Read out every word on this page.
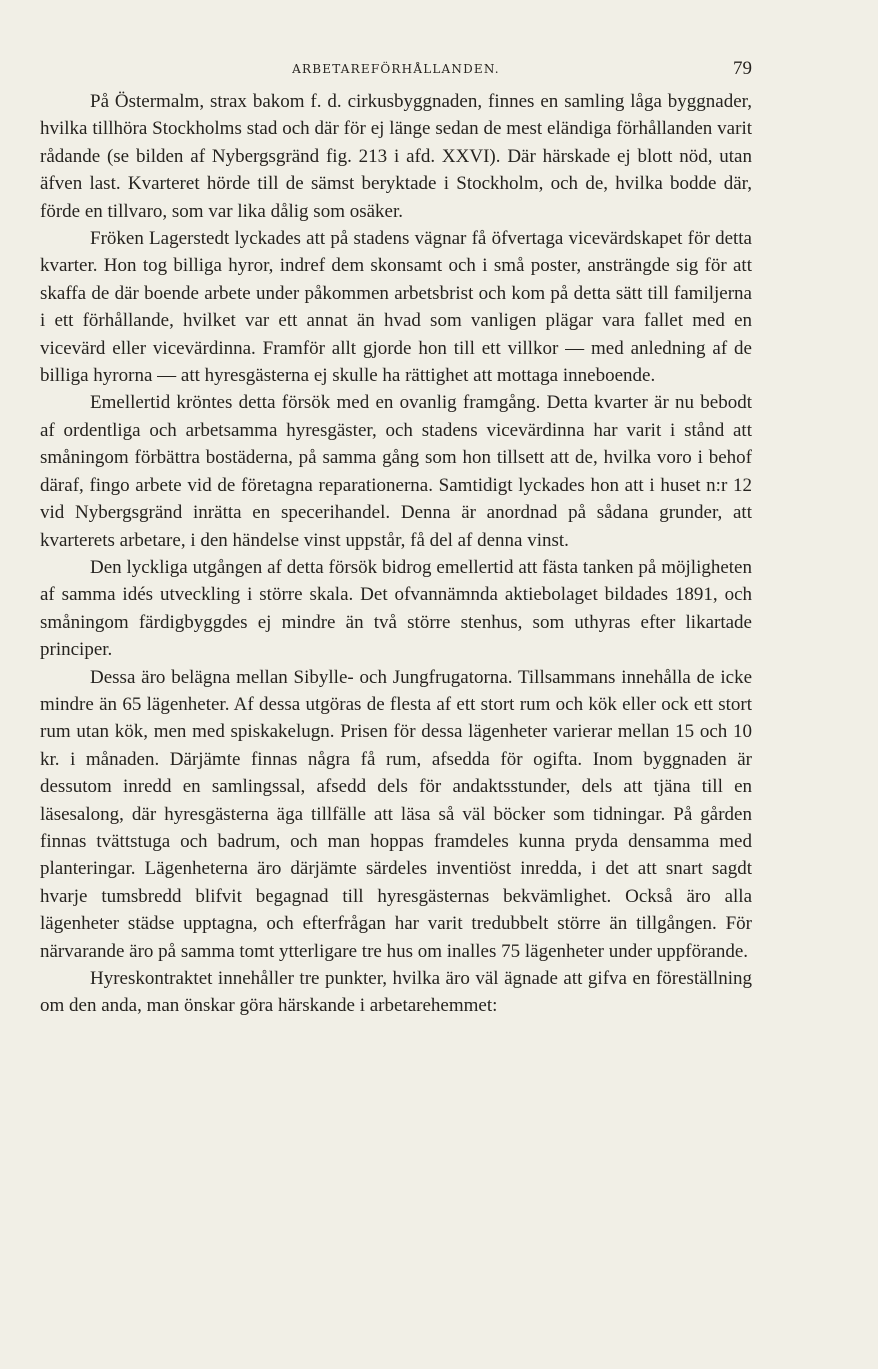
ARBETAREFÖRHÅLLANDEN.	79

På Östermalm, strax bakom f. d. cirkusbyggnaden, finnes en samling låga byggnader, hvilka tillhöra Stockholms stad och där för ej länge sedan de mest eländiga förhållanden varit rådande (se bilden af Nybergsgränd fig. 213 i afd. XXVI). Där härskade ej blott nöd, utan äfven last. Kvarteret hörde till de sämst beryktade i Stockholm, och de, hvilka bodde där, förde en tillvaro, som var lika dålig som osäker.

Fröken Lagerstedt lyckades att på stadens vägnar få öfvertaga vicevärdskapet för detta kvarter. Hon tog billiga hyror, indref dem skonsamt och i små poster, ansträngde sig för att skaffa de där boende arbete under påkommen arbetsbrist och kom på detta sätt till familjerna i ett förhållande, hvilket var ett annat än hvad som vanligen plägar vara fallet med en vicevärd eller vicevärdinna. Framför allt gjorde hon till ett villkor — med anledning af de billiga hyrorna — att hyresgästerna ej skulle ha rättighet att mottaga inneboende.

Emellertid kröntes detta försök med en ovanlig framgång. Detta kvarter är nu bebodt af ordentliga och arbetsamma hyresgäster, och stadens vicevärdinna har varit i stånd att småningom förbättra bostäderna, på samma gång som hon tillsett att de, hvilka voro i behof däraf, fingo arbete vid de företagna reparationerna. Samtidigt lyckades hon att i huset n:r 12 vid Nybergsgränd inrätta en specerihandel. Denna är anordnad på sådana grunder, att kvarterets arbetare, i den händelse vinst uppstår, få del af denna vinst.

Den lyckliga utgången af detta försök bidrog emellertid att fästa tanken på möjligheten af samma idés utveckling i större skala. Det ofvannämnda aktiebolaget bildades 1891, och småningom färdigbyggdes ej mindre än två större stenhus, som uthyras efter likartade principer.

Dessa äro belägna mellan Sibylle- och Jungfrugatorna. Tillsammans innehålla de icke mindre än 65 lägenheter. Af dessa utgöras de flesta af ett stort rum och kök eller ock ett stort rum utan kök, men med spiskakelugn. Prisen för dessa lägenheter varierar mellan 15 och 10 kr. i månaden. Därjämte finnas några få rum, afsedda för ogifta. Inom byggnaden är dessutom inredd en samlingssal, afsedd dels för andaktsstunder, dels att tjäna till en läsesalong, där hyresgästerna äga tillfälle att läsa så väl böcker som tidningar. På gården finnas tvättstuga och badrum, och man hoppas framdeles kunna pryda densamma med planteringar. Lägenheterna äro därjämte särdeles inventiöst inredda, i det att snart sagdt hvarje tumsbredd blifvit begagnad till hyresgästernas bekvämlighet. Också äro alla lägenheter städse upptagna, och efterfrågan har varit tredubbelt större än tillgången. För närvarande äro på samma tomt ytterligare tre hus om inalles 75 lägenheter under uppförande.

Hyreskontraktet innehåller tre punkter, hvilka äro väl ägnade att gifva en föreställning om den anda, man önskar göra härskande i arbetarehemmet:
